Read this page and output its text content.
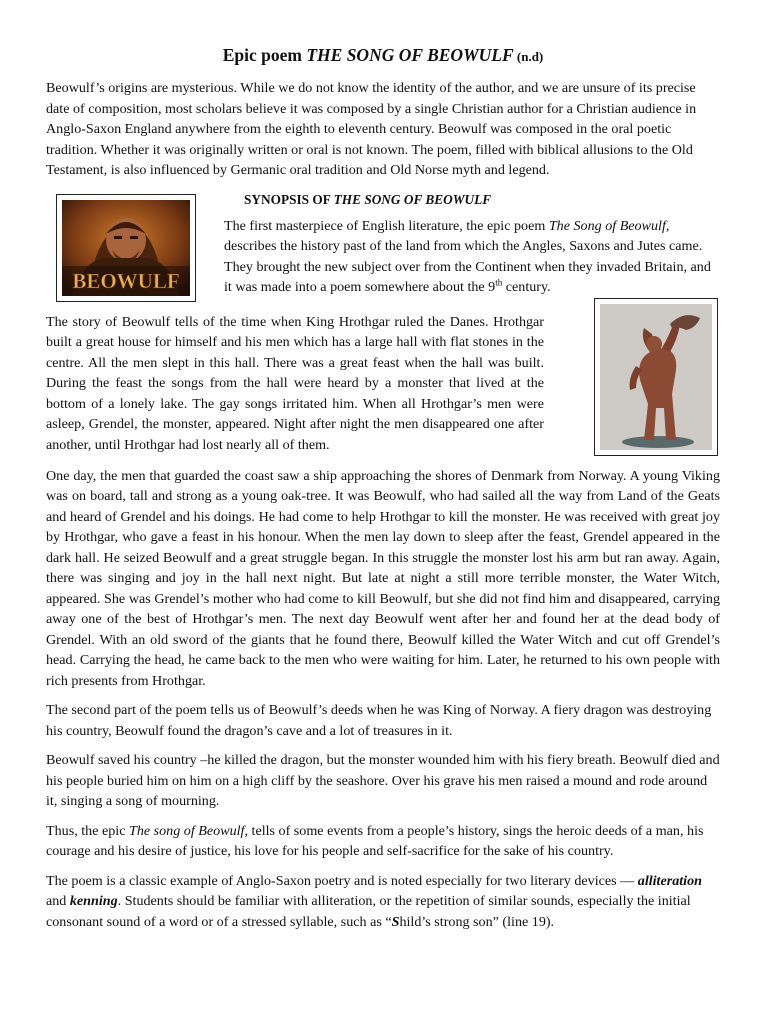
Epic poem THE SONG OF BEOWULF (n.d)

Beowulf’s origins are mysterious. While we do not know the identity of the author, and we are unsure of its precise date of composition, most scholars believe it was composed by a single Christian author for a Christian audience in Anglo-Saxon England anywhere from the eighth to eleventh century. Beowulf was composed in the oral poetic tradition. Whether it was originally written or oral is not known. The poem, filled with biblical allusions to the Old Testament, is also influenced by Germanic oral tradition and Old Norse myth and legend.

BEOWULF

SYNOPSIS OF THE SONG OF BEOWULF

The first masterpiece of English literature, the epic poem The Song of Beowulf, describes the history past of the land from which the Angles, Saxons and Jutes came. They brought the new subject over from the Continent when they invaded Britain, and it was made into a poem somewhere about the 9th century.

The story of Beowulf tells of the time when King Hrothgar ruled the Danes. Hrothgar built a great house for himself and his men which has a large hall with flat stones in the centre. All the men slept in this hall. There was a great feast when the hall was built. During the feast the songs from the hall were heard by a monster that lived at the bottom of a lonely lake. The gay songs irritated him. When all Hrothgar’s men were asleep, Grendel, the monster, appeared. Night after night the men disappeared one after another, until Hrothgar had lost nearly all of them.

One day, the men that guarded the coast saw a ship approaching the shores of Denmark from Norway. A young Viking was on board, tall and strong as a young oak-tree. It was Beowulf, who had sailed all the way from Land of the Geats and heard of Grendel and his doings. He had come to help Hrothgar to kill the monster. He was received with great joy by Hrothgar, who gave a feast in his honour. When the men lay down to sleep after the feast, Grendel appeared in the dark hall. He seized Beowulf and a great struggle began. In this struggle the monster lost his arm but ran away. Again, there was singing and joy in the hall next night. But late at night a still more terrible monster, the Water Witch, appeared. She was Grendel’s mother who had come to kill Beowulf, but she did not find him and disappeared, carrying away one of the best of Hrothgar’s men. The next day Beowulf went after her and found her at the dead body of Grendel. With an old sword of the giants that he found there, Beowulf killed the Water Witch and cut off Grendel’s head. Carrying the head, he came back to the men who were waiting for him. Later, he returned to his own people with rich presents from Hrothgar.

The second part of the poem tells us of Beowulf’s deeds when he was King of Norway. A fiery dragon was destroying his country, Beowulf found the dragon’s cave and a lot of treasures in it.

Beowulf saved his country –he killed the dragon, but the monster wounded him with his fiery breath. Beowulf died and his people buried him on him on a high cliff by the seashore. Over his grave his men raised a mound and rode around it, singing a song of mourning.

Thus, the epic The song of Beowulf, tells of some events from a people’s history, sings the heroic deeds of a man, his courage and his desire of justice, his love for his people and self-sacrifice for the sake of his country.

The poem is a classic example of Anglo-Saxon poetry and is noted especially for two literary devices — alliteration and kenning. Students should be familiar with alliteration, or the repetition of similar sounds, especially the initial consonant sound of a word or of a stressed syllable, such as “Shild’s strong son” (line 19).
